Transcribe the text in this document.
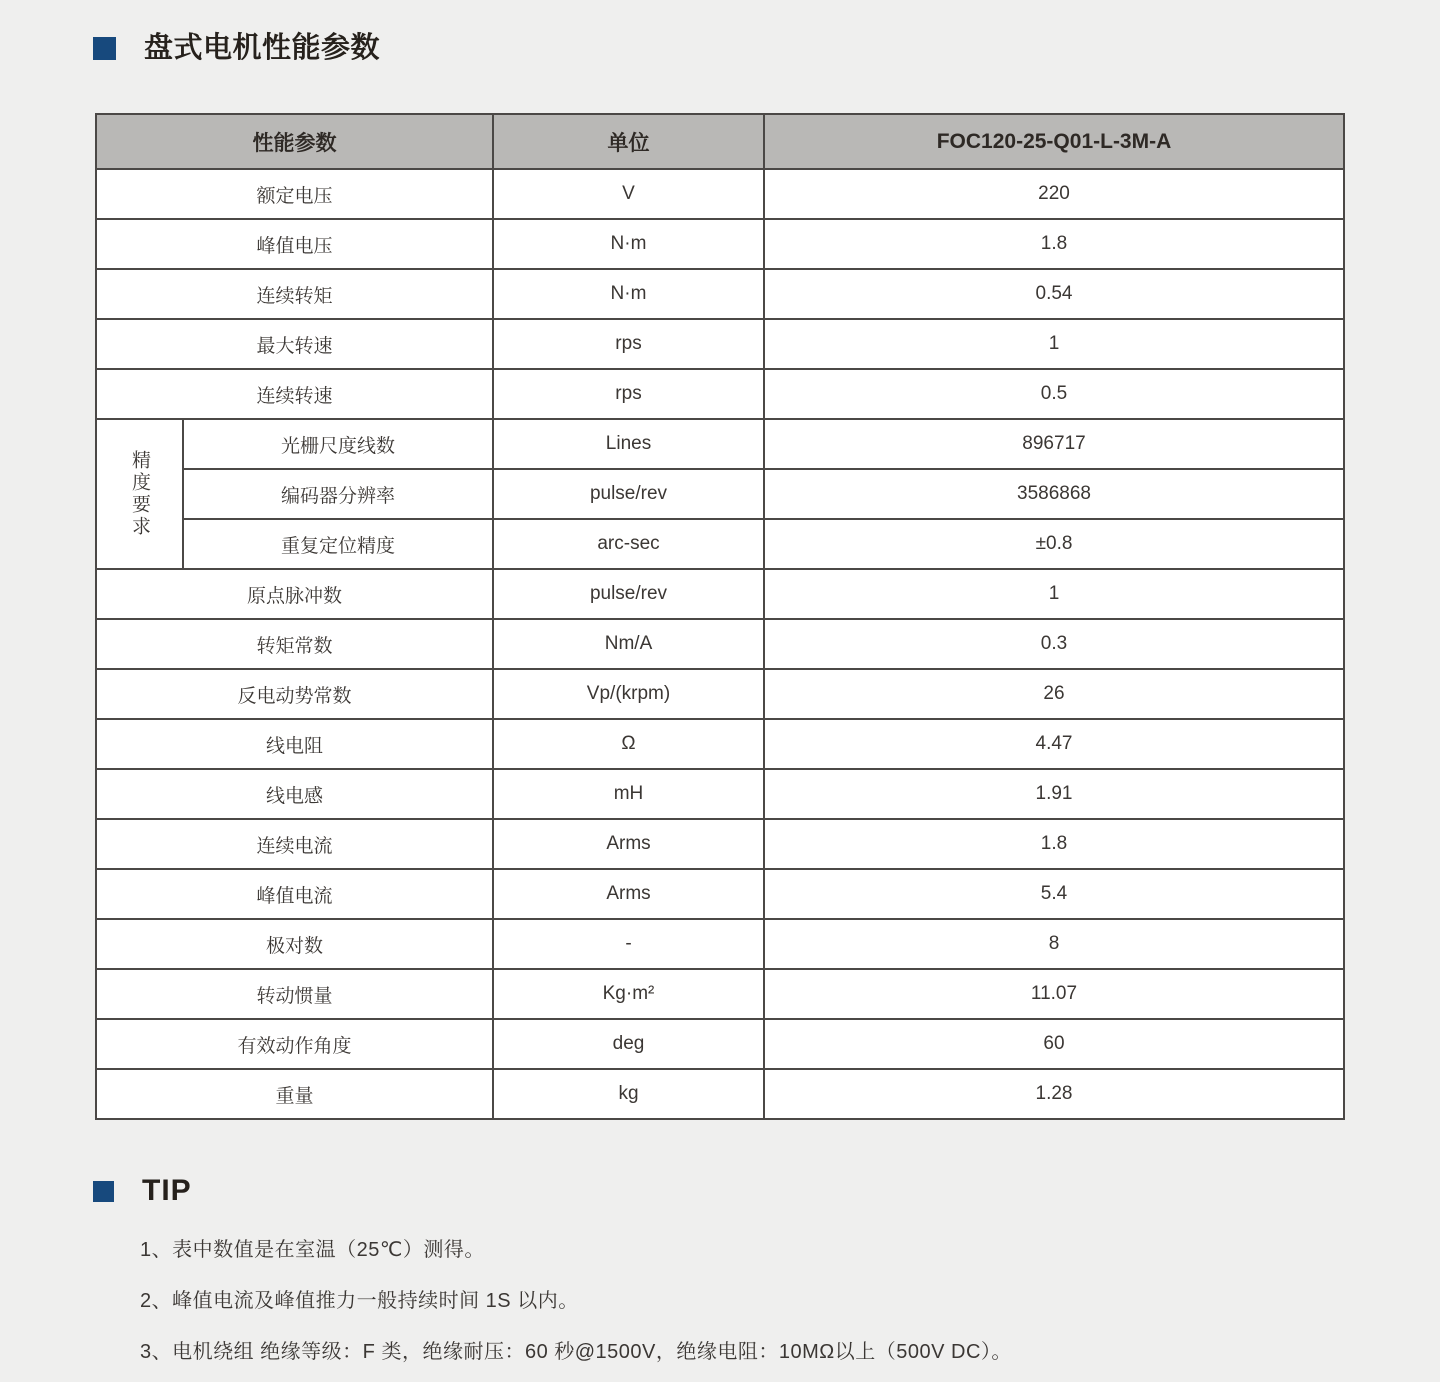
盘式电机性能参数
性能参数		单位	FOC120-25-Q01-L-3M-A
额定电压		V	220
峰值电压		N·m	1.8
连续转矩		N·m	0.54
最大转速		rps	1
连续转速		rps	0.5
精度要求	光栅尺度线数	Lines	896717
	编码器分辨率	pulse/rev	3586868
	重复定位精度	arc-sec	±0.8
原点脉冲数		pulse/rev	1
转矩常数		Nm/A	0.3
反电动势常数		Vp/(krpm)	26
线电阻		Ω	4.47
线电感		mH	1.91
连续电流		Arms	1.8
峰值电流		Arms	5.4
极对数		-	8
转动惯量		Kg·m²	11.07
有效动作角度		deg	60
重量		kg	1.28
TIP
1、表中数值是在室温（25℃）测得。
2、峰值电流及峰值推力一般持续时间 1S 以内。
3、电机绕组 绝缘等级：F 类，绝缘耐压：60 秒@1500V，绝缘电阻：10MΩ以上（500V DC）。
